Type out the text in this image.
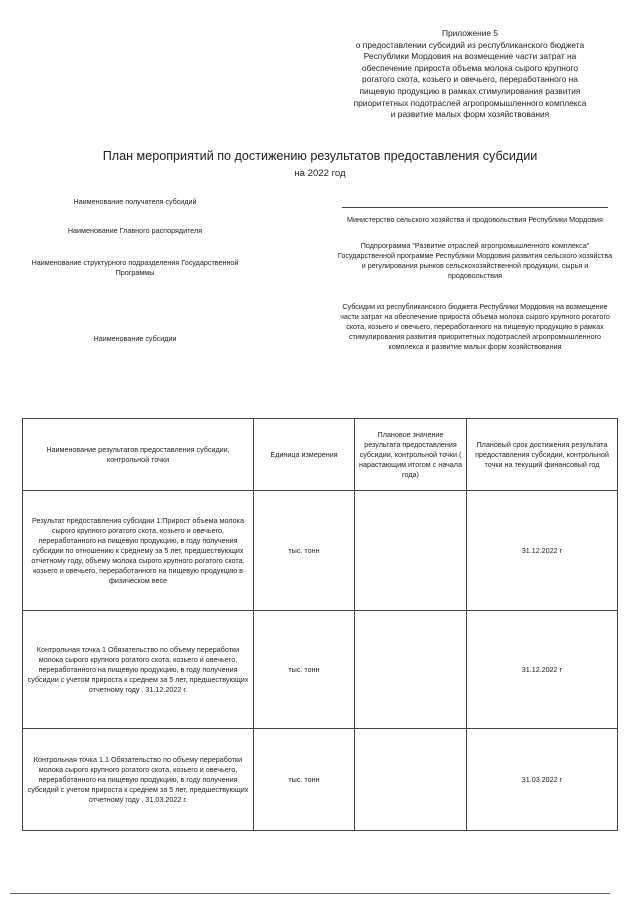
Приложение 5
о предоставлении субсидий из республиканского бюджета
Республики Мордовия на возмещение части затрат на
обеспечение прироста объема молока сырого крупного
рогатого скота, козьего и овечьего, переработанного на
пищевую продукцию в рамках стимулирования развития
приоритетных подотраслей агропромышленного комплекса
и развитие малых форм хозяйствования
План мероприятий по достижению результатов предоставления субсидии
на 2022 год
Наименование получателя субсидий
Наименование Главного распорядителя
Министерство сельского хозяйства и продовольствия Республики Мордовия
Наименование структурного подразделения Государственной Программы
Подпрограмма "Развитие отраслей агропромышленного комплекса" Государственной программе Республики Мордовия развития сельского хозяйства и регулирования рынков сельскохозяйственной продукции, сырья и продовольствия
Наименование субсидии
Субсидии из республиканского бюджета Республики Мордовия на возмещение части затрат на обеспечение прироста объема молока сырого крупного рогатого скота, козьего и овечьего, переработанного на пищевую продукцию в рамках стимулирования развития приоритетных подотраслей агропромышленного комплекса и развитие малых форм хозяйствования
Наименование результатов предоставления субсидии, контрольной точки	Единица измерения	Плановое значение результата предоставления субсидии, контрольной точки ( нарастающим итогом с начала года)	Плановый срок достижения результата предоставления субсидии, контрольной точки на текущий финансовый год
Результат предоставления субсидии 1:Прирост объема молока сырого крупного рогатого скота, козьего и овечьего, переработанного на пищевую продукцию, в году получения субсидии по отношению к среднему за 5 лет, предшествующих отчетному году, объему молока сырого крупного рогатого скота, козьего и овечьего, переработанного на пищевую продукцию в физическом весе	тыс. тонн		31.12.2022 г
Контрольная точка 1 Обязательство по объему переработки молока сырого крупного рогатого скота, козьего и овечьего, переработанного на пищевую продукцию, в году получения субсидии с учетом прироста к среднем за 5 лет, предшествующих отчетному году . 31.12.2022 г.	тыс. тонн		31.12.2022 г
Контрольная точка 1.1 Обязательство по объему переработки молока сырого крупного рогатого скота, козьего и овечьего, переработанного на пищевую продукцию, в году получения субсидий с учетом прироста к среднем за 5 лет, предшествующих отчетному году . 31.03.2022 г.	тыс. тонн		31.03.2022 г
